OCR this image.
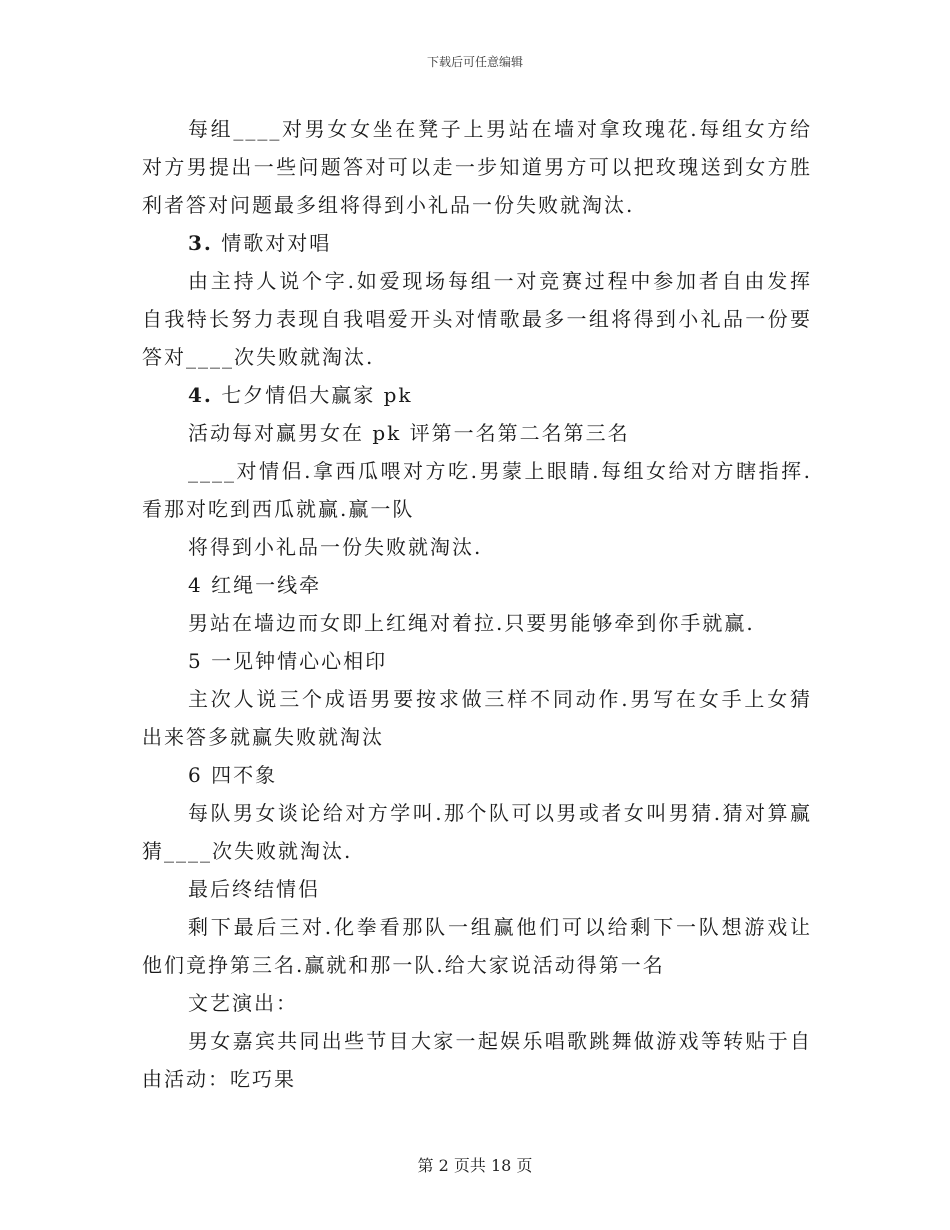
下载后可任意编辑

每组____对男女女坐在凳子上男站在墙对拿玫瑰花.每组女方给对方男提出一些问题答对可以走一步知道男方可以把玫瑰送到女方胜利者答对问题最多组将得到小礼品一份失败就淘汰.

3. 情歌对对唱

由主持人说个字.如爱现场每组一对竞赛过程中参加者自由发挥自我特长努力表现自我唱爱开头对情歌最多一组将得到小礼品一份要答对____次失败就淘汰.

4. 七夕情侣大赢家 pk

活动每对赢男女在 pk 评第一名第二名第三名

____对情侣.拿西瓜喂对方吃.男蒙上眼睛.每组女给对方瞎指挥.看那对吃到西瓜就赢.赢一队

将得到小礼品一份失败就淘汰.

4 红绳一线牵

男站在墙边而女即上红绳对着拉.只要男能够牵到你手就赢.

5 一见钟情心心相印

主次人说三个成语男要按求做三样不同动作.男写在女手上女猜出来答多就赢失败就淘汰

6 四不象

每队男女谈论给对方学叫.那个队可以男或者女叫男猜.猜对算赢猜____次失败就淘汰.

最后终结情侣

剩下最后三对.化拳看那队一组赢他们可以给剩下一队想游戏让他们竟挣第三名.赢就和那一队.给大家说活动得第一名

文艺演出：

男女嘉宾共同出些节目大家一起娱乐唱歌跳舞做游戏等转贴于自由活动：吃巧果

第 2 页共 18 页
